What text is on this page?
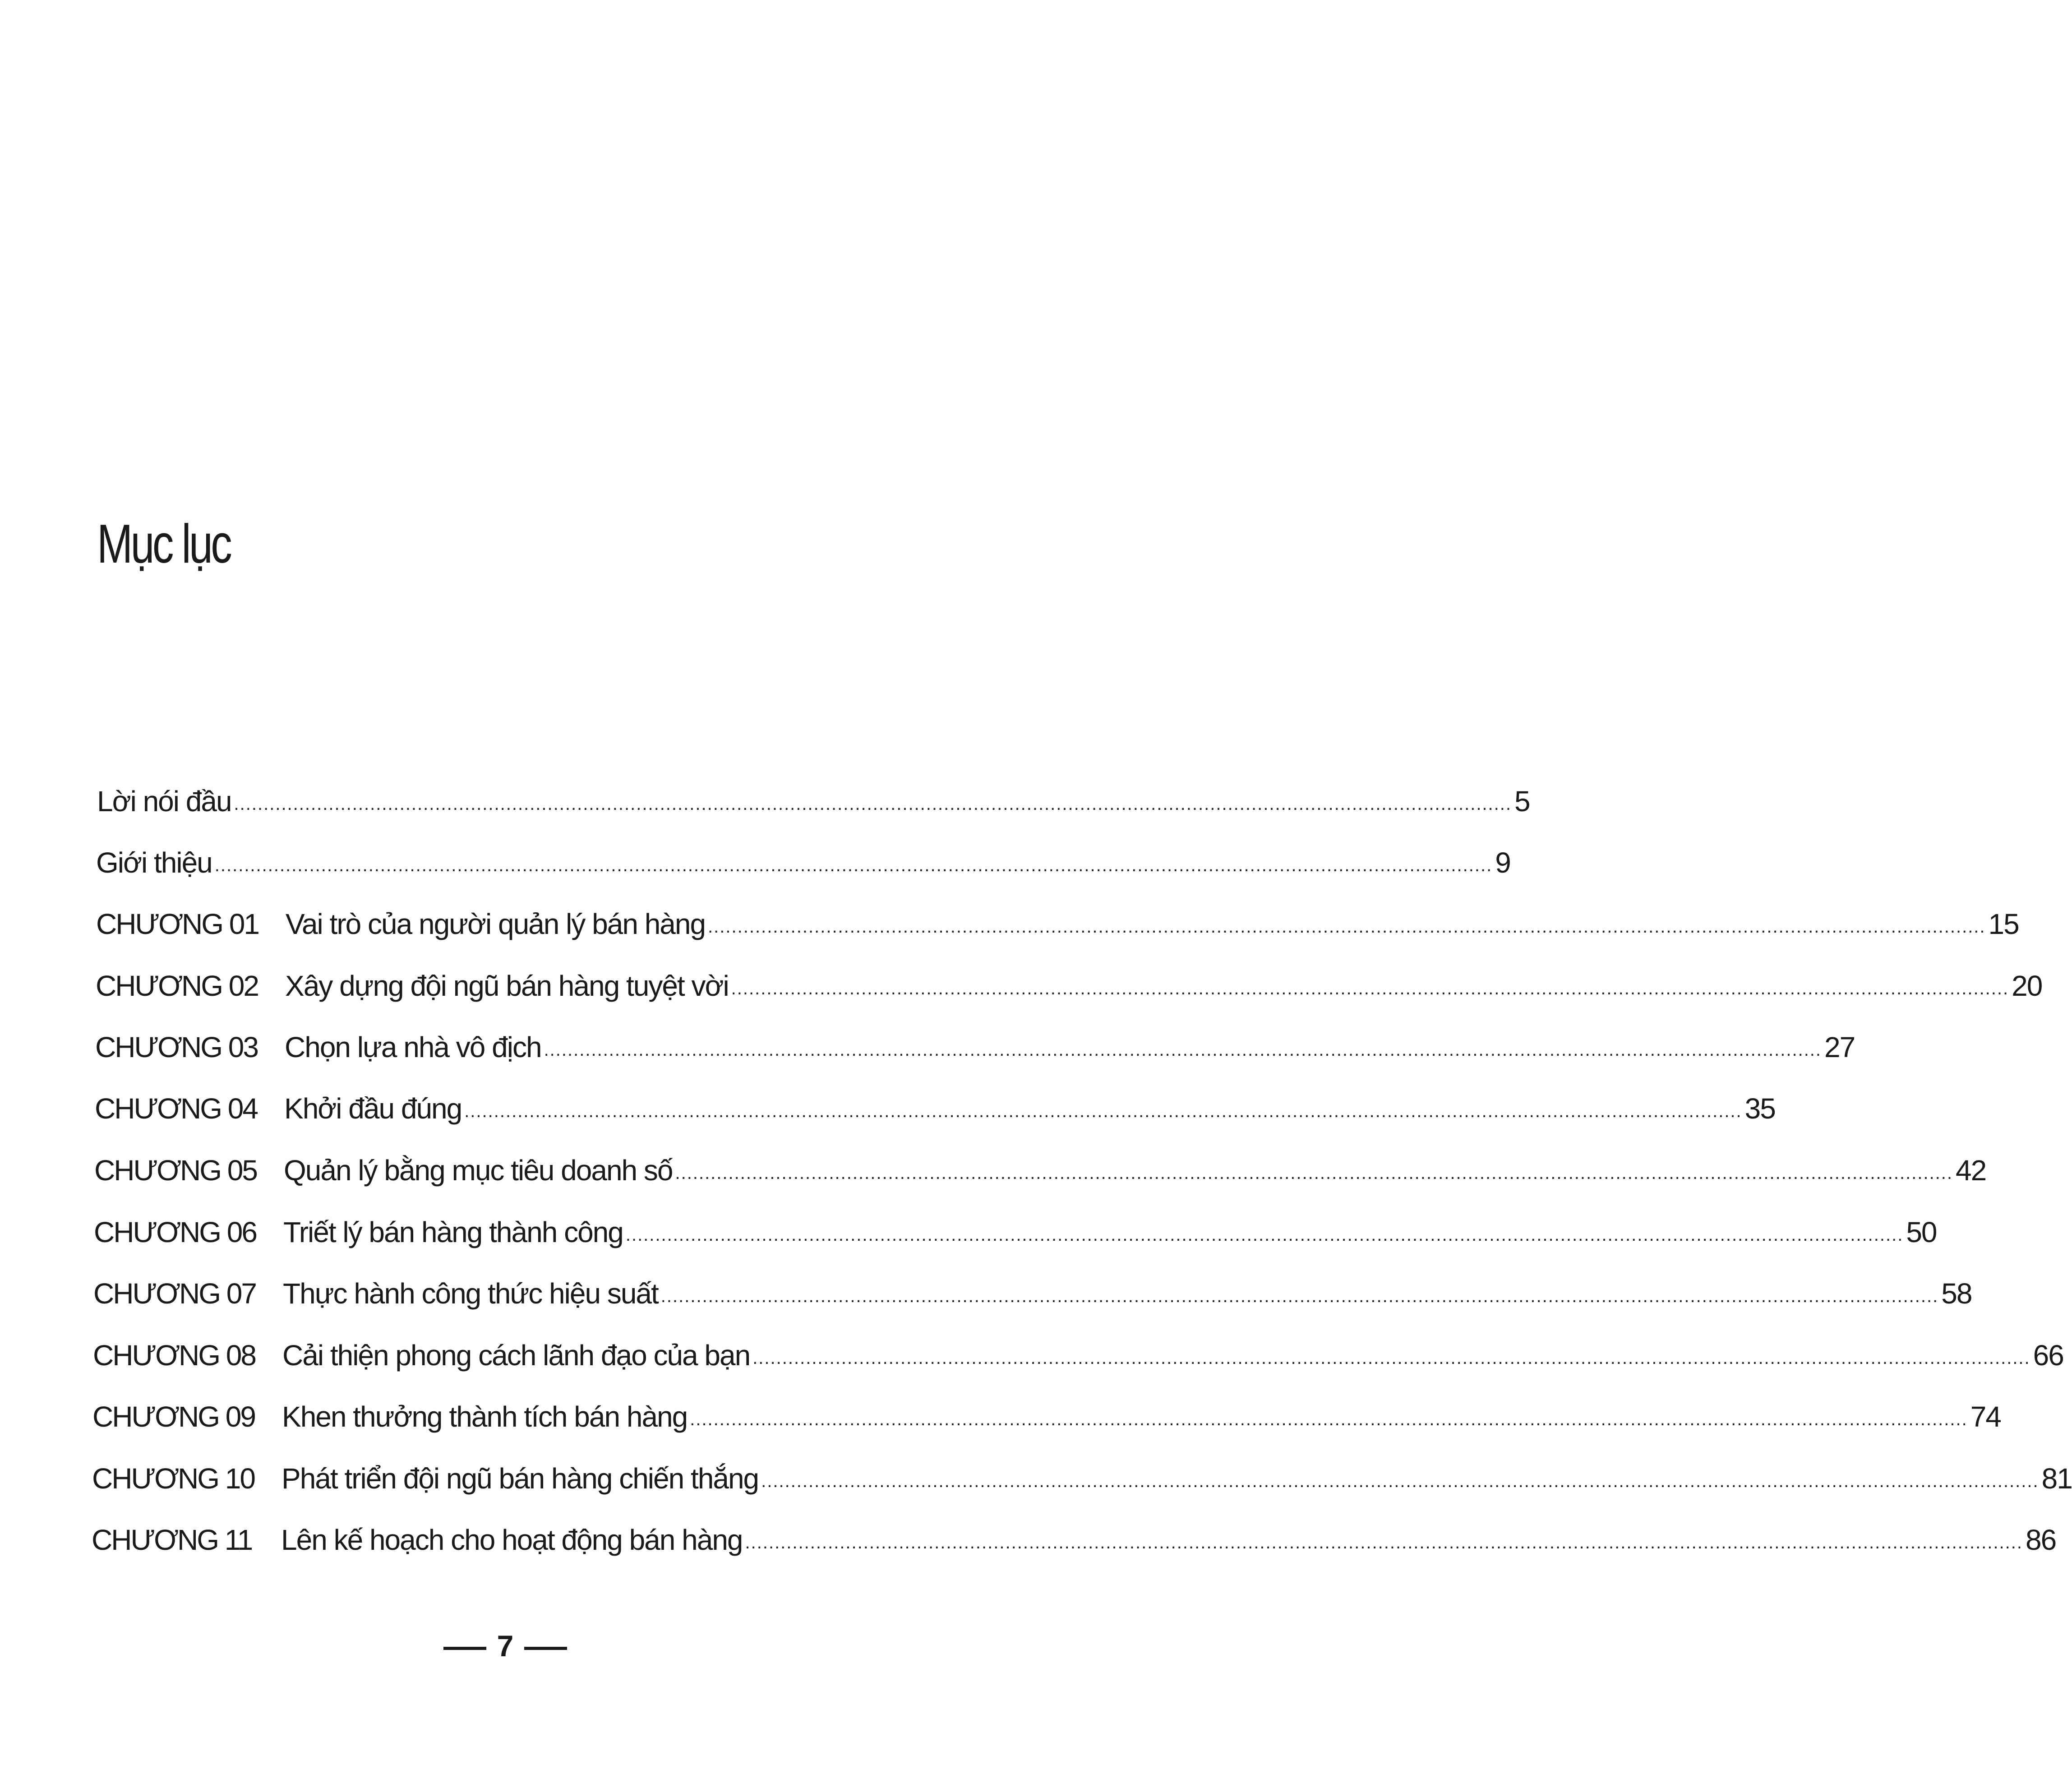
Mục lục
Lời nói đầu ........................................................................................................................................................................................................................ 5
Giới thiệu ........................................................................................................................................................................................................................ 9
CHƯƠNG 01 Vai trò của người quản lý bán hàng ........................................................................................................................................................................................................................ 15
CHƯƠNG 02 Xây dựng đội ngũ bán hàng tuyệt vời ........................................................................................................................................................................................................................ 20
CHƯƠNG 03 Chọn lựa nhà vô địch ........................................................................................................................................................................................................................ 27
CHƯƠNG 04 Khởi đầu đúng ........................................................................................................................................................................................................................ 35
CHƯƠNG 05 Quản lý bằng mục tiêu doanh số ........................................................................................................................................................................................................................ 42
CHƯƠNG 06 Triết lý bán hàng thành công ........................................................................................................................................................................................................................ 50
CHƯƠNG 07 Thực hành công thức hiệu suất ........................................................................................................................................................................................................................ 58
CHƯƠNG 08 Cải thiện phong cách lãnh đạo của bạn ........................................................................................................................................................................................................................ 66
CHƯƠNG 09 Khen thưởng thành tích bán hàng ........................................................................................................................................................................................................................ 74
CHƯƠNG 10 Phát triển đội ngũ bán hàng chiến thắng ........................................................................................................................................................................................................................ 81
CHƯƠNG 11	Lên kế hoạch cho hoạt động bán hàng ........................................................................................................................................................................................................................ 86
7
